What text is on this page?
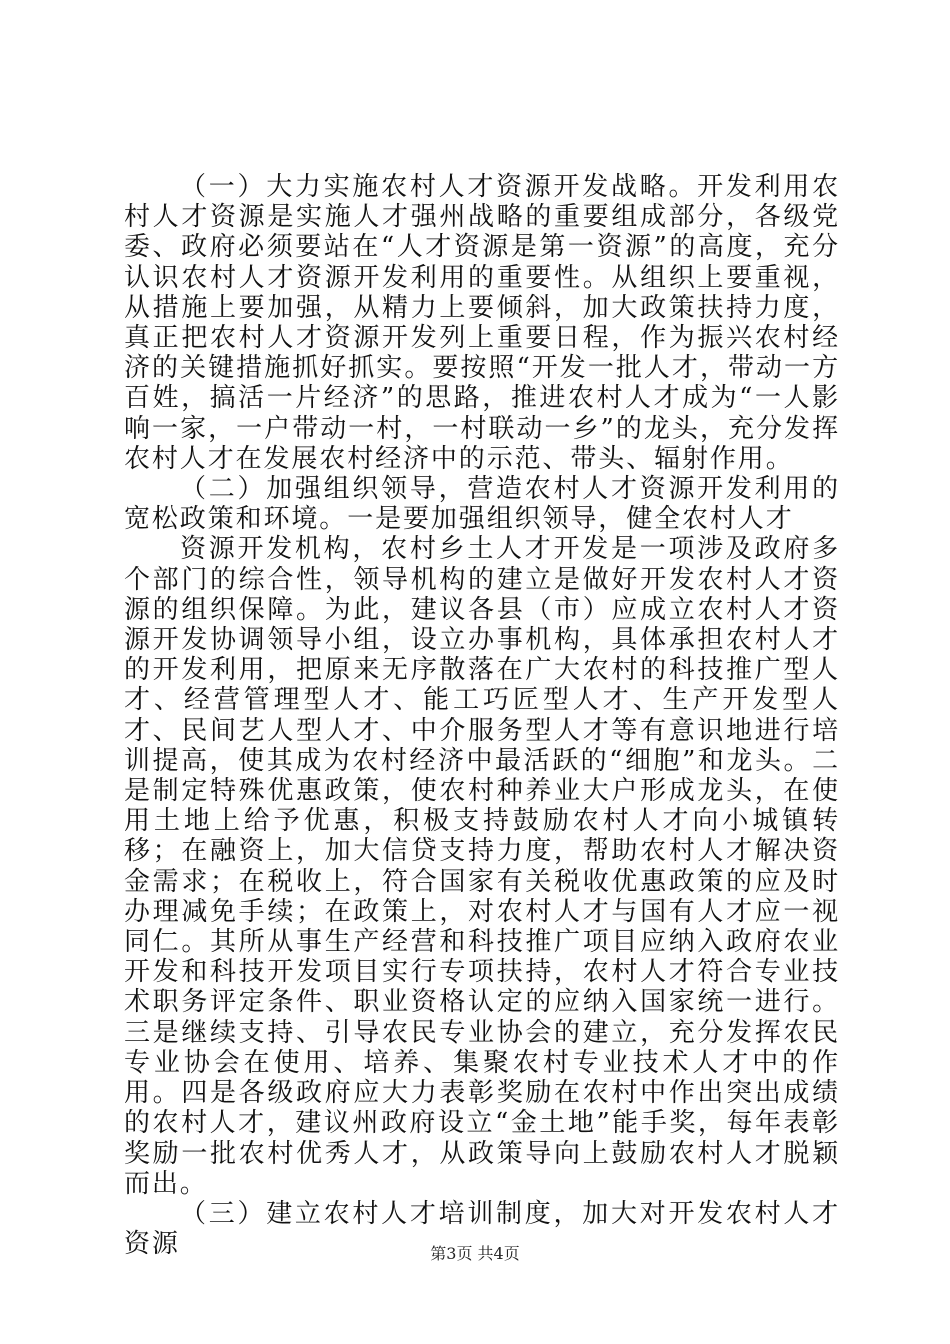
（一）大力实施农村人才资源开发战略。开发利用农村人才资源是实施人才强州战略的重要组成部分，各级党委、政府必须要站在“人才资源是第一资源”的高度，充分认识农村人才资源开发利用的重要性。从组织上要重视，从措施上要加强，从精力上要倾斜，加大政策扶持力度，真正把农村人才资源开发列上重要日程，作为振兴农村经济的关键措施抓好抓实。要按照“开发一批人才，带动一方百姓，搞活一片经济”的思路，推进农村人才成为“一人影响一家，一户带动一村，一村联动一乡”的龙头，充分发挥农村人才在发展农村经济中的示范、带头、辐射作用。

（二）加强组织领导，营造农村人才资源开发利用的宽松政策和环境。一是要加强组织领导，健全农村人才

资源开发机构，农村乡土人才开发是一项涉及政府多个部门的综合性，领导机构的建立是做好开发农村人才资源的组织保障。为此，建议各县（市）应成立农村人才资源开发协调领导小组，设立办事机构，具体承担农村人才的开发利用，把原来无序散落在广大农村的科技推广型人才、经营管理型人才、能工巧匠型人才、生产开发型人才、民间艺人型人才、中介服务型人才等有意识地进行培训提高，使其成为农村经济中最活跃的“细胞”和龙头。二是制定特殊优惠政策，使农村种养业大户形成龙头，在使用土地上给予优惠，积极支持鼓励农村人才向小城镇转移；在融资上，加大信贷支持力度，帮助农村人才解决资金需求；在税收上，符合国家有关税收优惠政策的应及时办理减免手续；在政策上，对农村人才与国有人才应一视同仁。其所从事生产经营和科技推广项目应纳入政府农业开发和科技开发项目实行专项扶持，农村人才符合专业技术职务评定条件、职业资格认定的应纳入国家统一进行。三是继续支持、引导农民专业协会的建立，充分发挥农民专业协会在使用、培养、集聚农村专业技术人才中的作用。四是各级政府应大力表彰奖励在农村中作出突出成绩的农村人才，建议州政府设立“金土地”能手奖，每年表彰奖励一批农村优秀人才，从政策导向上鼓励农村人才脱颖而出。

（三）建立农村人才培训制度，加大对开发农村人才资源	第3页 共4页
